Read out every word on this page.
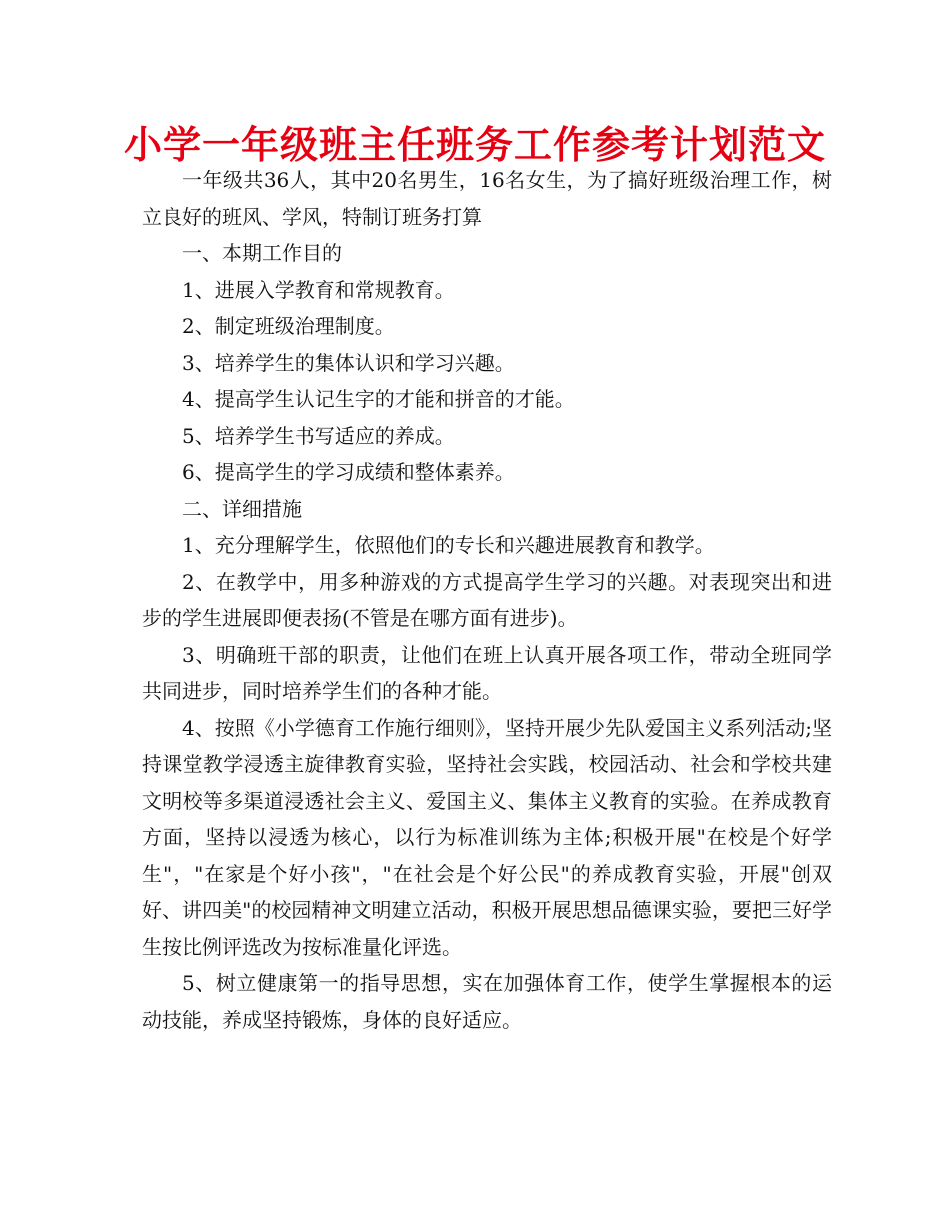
小学一年级班主任班务工作参考计划范文

一年级共36人，其中20名男生，16名女生，为了搞好班级治理工作，树立良好的班风、学风，特制订班务打算

一、本期工作目的

1、进展入学教育和常规教育。

2、制定班级治理制度。

3、培养学生的集体认识和学习兴趣。

4、提高学生认记生字的才能和拼音的才能。

5、培养学生书写适应的养成。

6、提高学生的学习成绩和整体素养。

二、详细措施

1、充分理解学生，依照他们的专长和兴趣进展教育和教学。

2、在教学中，用多种游戏的方式提高学生学习的兴趣。对表现突出和进步的学生进展即便表扬(不管是在哪方面有进步)。

3、明确班干部的职责，让他们在班上认真开展各项工作，带动全班同学共同进步，同时培养学生们的各种才能。

4、按照《小学德育工作施行细则》，坚持开展少先队爱国主义系列活动;坚持课堂教学浸透主旋律教育实验，坚持社会实践，校园活动、社会和学校共建文明校等多渠道浸透社会主义、爱国主义、集体主义教育的实验。在养成教育方面，坚持以浸透为核心，以行为标准训练为主体;积极开展"在校是个好学生"，"在家是个好小孩"，"在社会是个好公民"的养成教育实验，开展"创双好、讲四美"的校园精神文明建立活动，积极开展思想品德课实验，要把三好学生按比例评选改为按标准量化评选。

5、树立健康第一的指导思想，实在加强体育工作，使学生掌握根本的运动技能，养成坚持锻炼，身体的良好适应。
